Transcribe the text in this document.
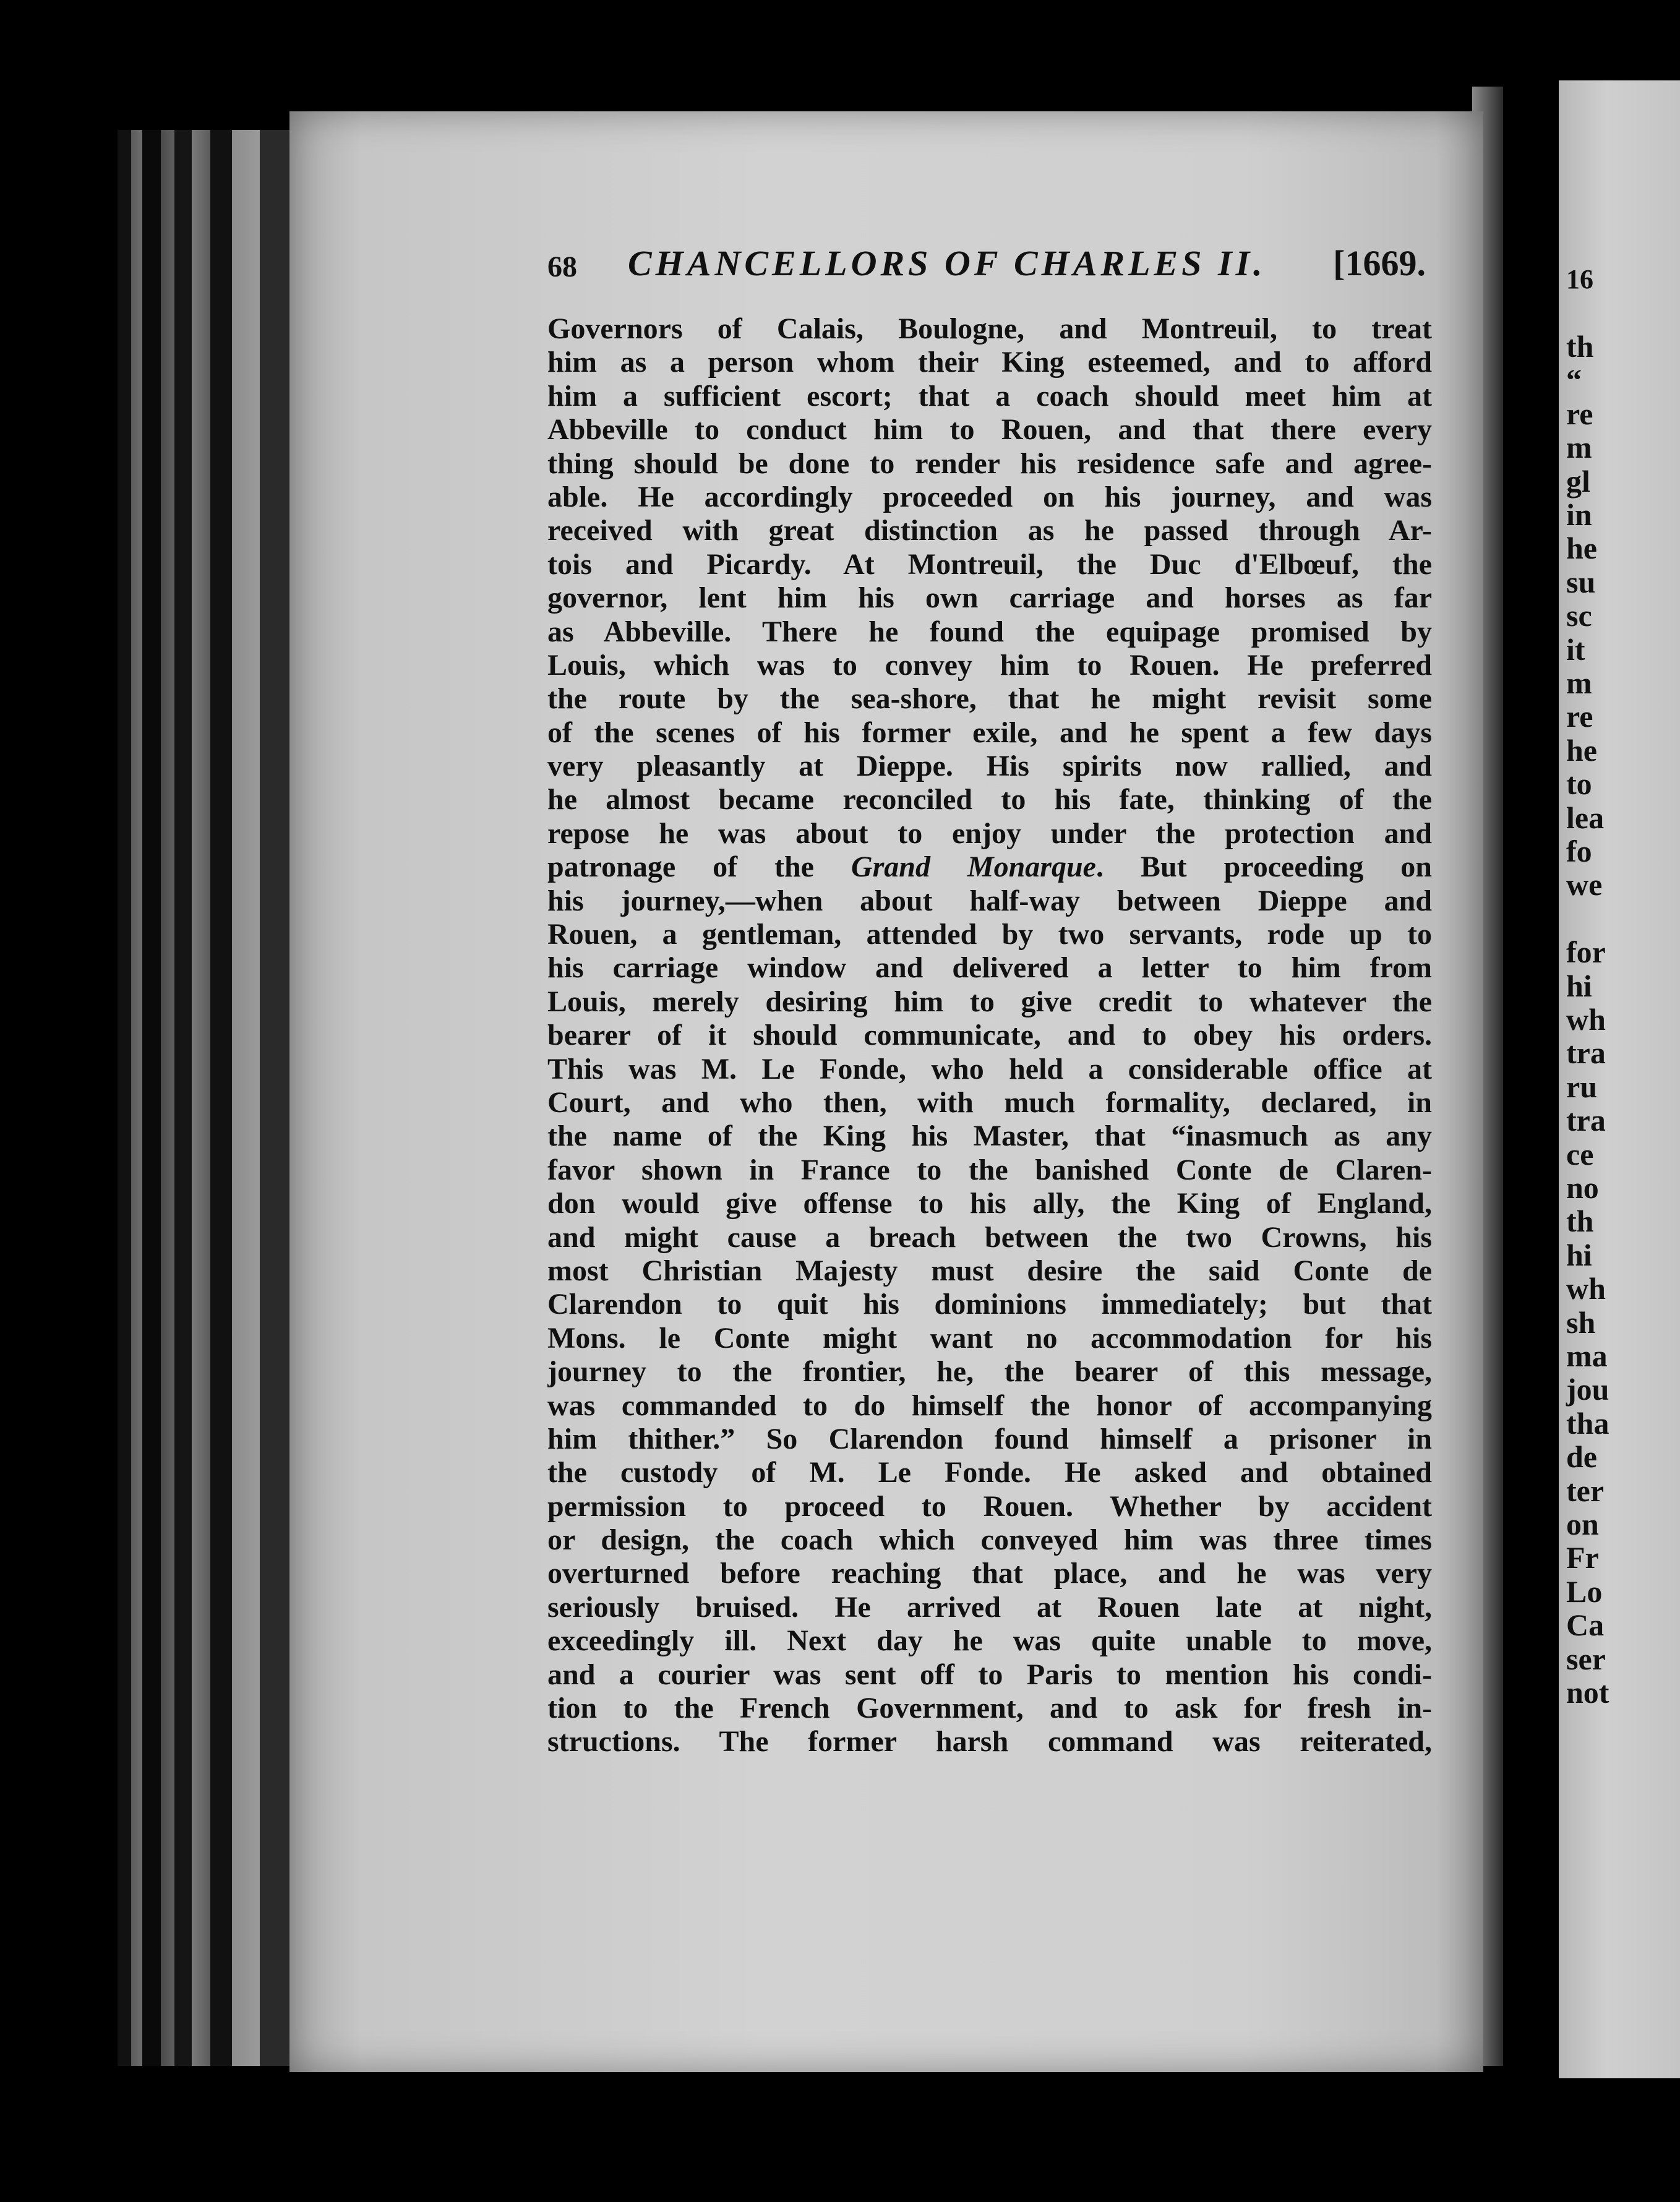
68 CHANCELLORS OF CHARLES II. [1669.
Governors of Calais, Boulogne, and Montreuil, to treat
him as a person whom their King esteemed, and to afford
him a sufficient escort; that a coach should meet him at
Abbeville to conduct him to Rouen, and that there every
thing should be done to render his residence safe and agree-
able. He accordingly proceeded on his journey, and was
received with great distinction as he passed through Ar-
tois and Picardy. At Montreuil, the Duc d'Elbœuf, the
governor, lent him his own carriage and horses as far
as Abbeville. There he found the equipage promised by
Louis, which was to convey him to Rouen. He preferred
the route by the sea-shore, that he might revisit some
of the scenes of his former exile, and he spent a few days
very pleasantly at Dieppe. His spirits now rallied, and
he almost became reconciled to his fate, thinking of the
repose he was about to enjoy under the protection and
patronage of the Grand Monarque. But proceeding on
his journey,—when about half-way between Dieppe and
Rouen, a gentleman, attended by two servants, rode up to
his carriage window and delivered a letter to him from
Louis, merely desiring him to give credit to whatever the
bearer of it should communicate, and to obey his orders.
This was M. Le Fonde, who held a considerable office at
Court, and who then, with much formality, declared, in
the name of the King his Master, that “inasmuch as any
favor shown in France to the banished Conte de Claren-
don would give offense to his ally, the King of England,
and might cause a breach between the two Crowns, his
most Christian Majesty must desire the said Conte de
Clarendon to quit his dominions immediately; but that
Mons. le Conte might want no accommodation for his
journey to the frontier, he, the bearer of this message,
was commanded to do himself the honor of accompanying
him thither.” So Clarendon found himself a prisoner in
the custody of M. Le Fonde. He asked and obtained
permission to proceed to Rouen. Whether by accident
or design, the coach which conveyed him was three times
overturned before reaching that place, and he was very
seriously bruised. He arrived at Rouen late at night,
exceedingly ill. Next day he was quite unable to move,
and a courier was sent off to Paris to mention his condi-
tion to the French Government, and to ask for fresh in-
structions. The former harsh command was reiterated,
16
th
“
re
m
gl
in
he
su
sc
it
m
re
he
to
lea
fo
we
for
hi
wh
tra
ru
tra
ce
no
th
hi
wh
sh
ma
jou
tha
de
ter
on
Fr
Lo
Ca
ser
not
